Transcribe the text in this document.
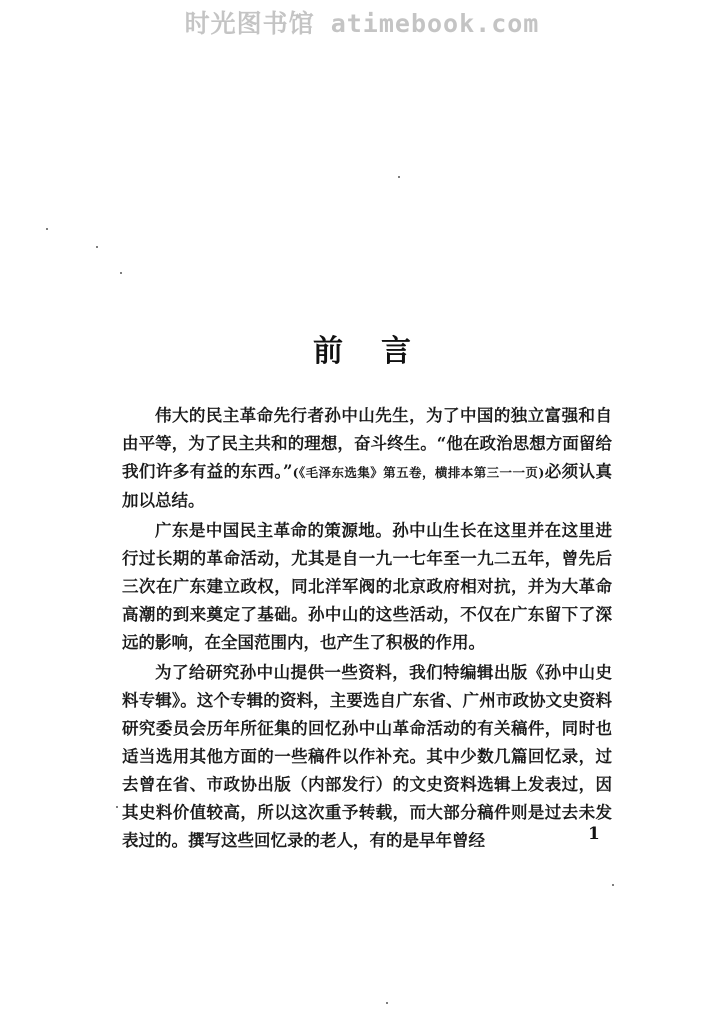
时光图书馆 atimebook.com
前言

伟大的民主革命先行者孙中山先生，为了中国的独立富强和自由平等，为了民主共和的理想，奋斗终生。“他在政治思想方面留给我们许多有益的东西。”(《毛泽东选集》第五卷，横排本第三一一页)必须认真加以总结。

广东是中国民主革命的策源地。孙中山生长在这里并在这里进行过长期的革命活动，尤其是自一九一七年至一九二五年，曾先后三次在广东建立政权，同北洋军阀的北京政府相对抗，并为大革命高潮的到来奠定了基础。孙中山的这些活动，不仅在广东留下了深远的影响，在全国范围内，也产生了积极的作用。

为了给研究孙中山提供一些资料，我们特编辑出版《孙中山史料专辑》。这个专辑的资料，主要选自广东省、广州市政协文史资料研究委员会历年所征集的回忆孙中山革命活动的有关稿件，同时也适当选用其他方面的一些稿件以作补充。其中少数几篇回忆录，过去曾在省、市政协出版（内部发行）的文史资料选辑上发表过，因其史料价值较高，所以这次重予转载，而大部分稿件则是过去未发表过的。撰写这些回忆录的老人，有的是早年曾经	1
